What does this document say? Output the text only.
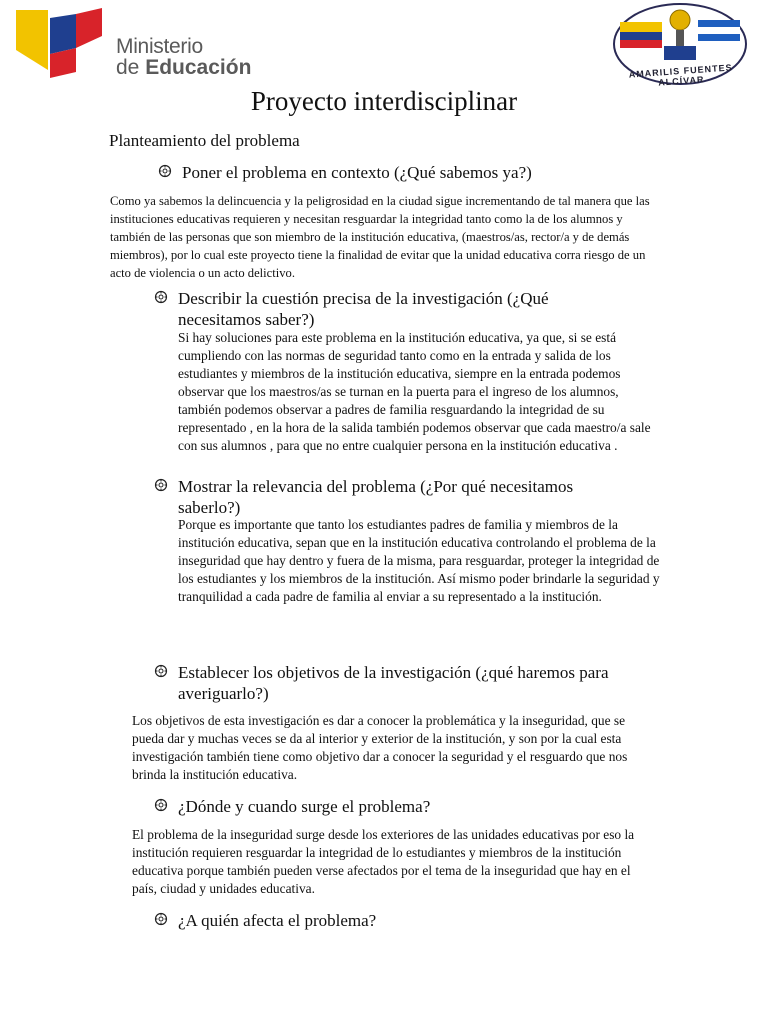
Ministerio
de Educación	AMARILIS FUENTES ALCÍVAR
Proyecto interdisciplinar
Planteamiento del problema
Poner el problema en contexto (¿Qué sabemos ya?)
Como ya sabemos la delincuencia y la peligrosidad en la ciudad sigue incrementando de tal manera que las instituciones educativas requieren y necesitan resguardar la integridad tanto como la de los alumnos y también de las personas que son miembro de la institución educativa, (maestros/as, rector/a y de demás miembros), por lo cual este proyecto tiene la finalidad de evitar que la unidad educativa corra riesgo de un acto de violencia o un acto delictivo.
Describir la cuestión precisa de la investigación (¿Qué necesitamos saber?)
Si hay soluciones para este problema en la institución educativa, ya que, si se está cumpliendo con las normas de seguridad tanto como en la entrada y salida de los estudiantes y miembros de la institución educativa, siempre en la entrada podemos observar que los maestros/as se turnan en la puerta para el ingreso de los alumnos, también podemos observar a padres de familia resguardando la integridad de su representado , en la hora de la salida también podemos observar que cada maestro/a sale con sus alumnos , para que no entre cualquier persona en la institución educativa .
Mostrar la relevancia del problema (¿Por qué necesitamos saberlo?)
Porque es importante que tanto los estudiantes padres de familia y miembros de la institución educativa, sepan que en la institución educativa controlando el problema de la inseguridad que hay dentro y fuera de la misma, para resguardar, proteger la integridad de los estudiantes y los miembros de la institución. Así mismo poder brindarle la seguridad y tranquilidad a cada padre de familia al enviar a su representado a la institución.
Establecer los objetivos de la investigación (¿qué haremos para averiguarlo?)
Los objetivos de esta investigación es dar a conocer la problemática y la inseguridad, que se pueda dar y muchas veces se da al interior y exterior de la institución, y son por la cual esta investigación también tiene como objetivo dar a conocer la seguridad y el resguardo que nos brinda la institución educativa.
¿Dónde y cuando surge el problema?
El problema de la inseguridad surge desde los exteriores de las unidades educativas por eso la institución requieren resguardar la integridad de lo estudiantes y miembros de la institución educativa porque también pueden verse afectados por el tema de la inseguridad que hay en el país, ciudad y unidades educativa.
¿A quién afecta el problema?
